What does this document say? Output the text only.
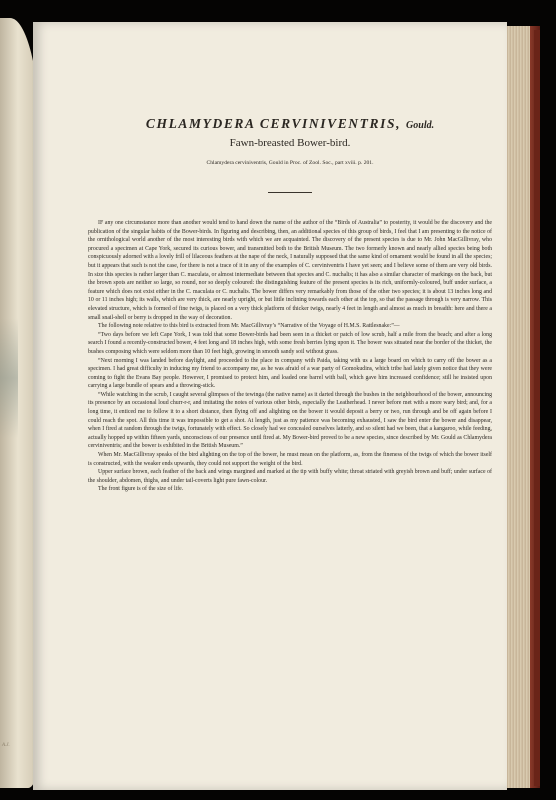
A.J.
CHLAMYDERA CERVINIVENTRIS, Gould.
Fawn-breasted Bower-bird.
Chlamydera cerviniventris, Gould in Proc. of Zool. Soc., part xviii. p. 201.

IF any one circumstance more than another would tend to hand down the name of the author of the “Birds of Australia” to posterity, it would be the discovery and the publication of the singular habits of the Bower-birds. In figuring and describing, then, an additional species of this group of birds, I feel that I am presenting to the notice of the ornithological world another of the most interesting birds with which we are acquainted. The discovery of the present species is due to Mr. John MacGillivray, who procured a specimen at Cape York, secured its curious bower, and transmitted both to the British Museum. The two formerly known and nearly allied species being both conspicuously adorned with a lovely frill of lilaceous feathers at the nape of the neck, I naturally supposed that the same kind of ornament would be found in all the species; but it appears that such is not the case, for there is not a trace of it in any of the examples of C. cerviniventris I have yet seen; and I believe some of them are very old birds. In size this species is rather larger than C. maculata, or almost intermediate between that species and C. nuchalis; it has also a similar character of markings on the back, but the brown spots are neither so large, so round, nor so deeply coloured: the distinguishing feature of the present species is its rich, uniformly-coloured, buff under surface, a feature which does not exist either in the C. maculata or C. nuchalis. The bower differs very remarkably from those of the other two species; it is about 13 inches long and 10 or 11 inches high; its walls, which are very thick, are nearly upright, or but little inclining towards each other at the top, so that the passage through is very narrow. This elevated structure, which is formed of fine twigs, is placed on a very thick platform of thicker twigs, nearly 4 feet in length and almost as much in breadth: here and there a small snail-shell or berry is dropped in the way of decoration.

The following note relative to this bird is extracted from Mr. MacGillivray’s “Narrative of the Voyage of H.M.S. Rattlesnake:”—

“Two days before we left Cape York, I was told that some Bower-birds had been seen in a thicket or patch of low scrub, half a mile from the beach; and after a long search I found a recently-constructed bower, 4 feet long and 18 inches high, with some fresh berries lying upon it. The bower was situated near the border of the thicket, the bushes composing which were seldom more than 10 feet high, growing in smooth sandy soil without grass.

“Next morning I was landed before daylight, and proceeded to the place in company with Paida, taking with us a large board on which to carry off the bower as a specimen. I had great difficulty in inducing my friend to accompany me, as he was afraid of a war party of Gomokudins, which tribe had lately given notice that they were coming to fight the Evans Bay people. However, I promised to protect him, and loaded one barrel with ball, which gave him increased confidence; still he insisted upon carrying a large bundle of spears and a throwing-stick.

“While watching in the scrub, I caught several glimpses of the tewinga (the native name) as it darted through the bushes in the neighbourhood of the bower, announcing its presence by an occasional loud churr-r-r, and imitating the notes of various other birds, especially the Leatherhead. I never before met with a more wary bird; and, for a long time, it enticed me to follow it to a short distance, then flying off and alighting on the bower it would deposit a berry or two, run through and be off again before I could reach the spot. All this time it was impossible to get a shot. At length, just as my patience was becoming exhausted, I saw the bird enter the bower and disappear, when I fired at random through the twigs, fortunately with effect. So closely had we concealed ourselves latterly, and so silent had we been, that a kangaroo, while feeding, actually hopped up within fifteen yards, unconscious of our presence until fired at. My Bower-bird proved to be a new species, since described by Mr. Gould as Chlamydera cerviniventris; and the bower is exhibited in the British Museum.”

When Mr. MacGillivray speaks of the bird alighting on the top of the bower, he must mean on the platform, as, from the fineness of the twigs of which the bower itself is constructed, with the weaker ends upwards, they could not support the weight of the bird.

Upper surface brown, each feather of the back and wings margined and marked at the tip with buffy white; throat striated with greyish brown and buff; under surface of the shoulder, abdomen, thighs, and under tail-coverts light pure fawn-colour.

The front figure is of the size of life.
